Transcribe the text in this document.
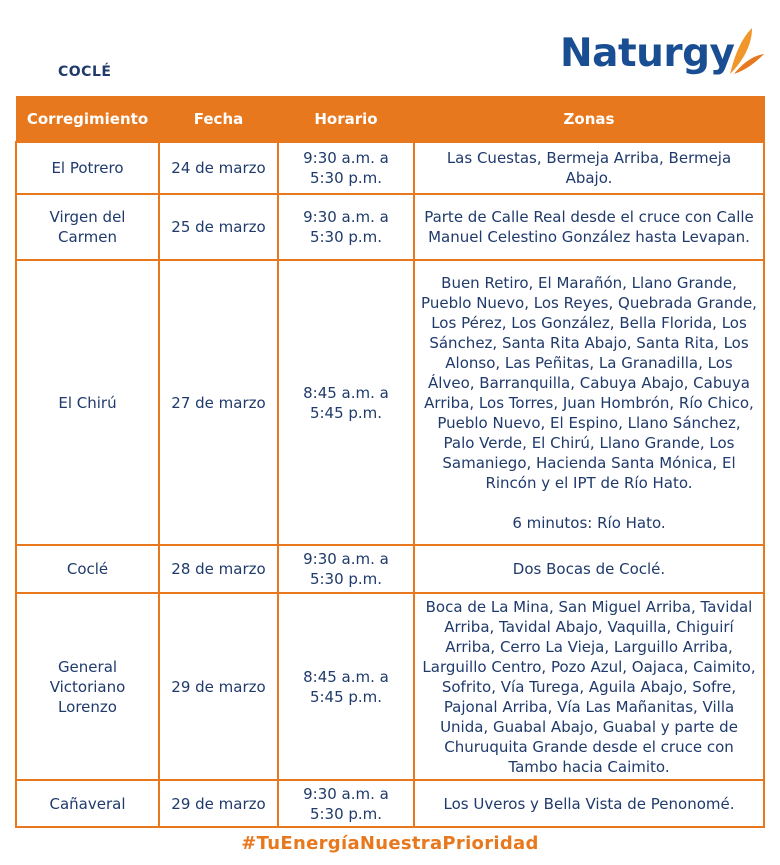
COCLÉ	Naturgy
Corregimiento	Fecha	Horario	Zonas
El Potrero	24 de marzo	9:30 a.m. a 5:30 p.m.	Las Cuestas, Bermeja Arriba, Bermeja Abajo.
Virgen del Carmen	25 de marzo	9:30 a.m. a 5:30 p.m.	Parte de Calle Real desde el cruce con Calle Manuel Celestino González hasta Levapan.
El Chirú	27 de marzo	8:45 a.m. a 5:45 p.m.	Buen Retiro, El Marañón, Llano Grande, Pueblo Nuevo, Los Reyes, Quebrada Grande, Los Pérez, Los González, Bella Florida, Los Sánchez, Santa Rita Abajo, Santa Rita, Los Alonso, Las Peñitas, La Granadilla, Los Álveo, Barranquilla, Cabuya Abajo, Cabuya Arriba, Los Torres, Juan Hombrón, Río Chico, Pueblo Nuevo, El Espino, Llano Sánchez, Palo Verde, El Chirú, Llano Grande, Los Samaniego, Hacienda Santa Mónica, El Rincón y el IPT de Río Hato.
6 minutos: Río Hato.

Coclé	28 de marzo	9:30 a.m. a 5:30 p.m.	Dos Bocas de Coclé.
General Victoriano Lorenzo	29 de marzo	8:45 a.m. a 5:45 p.m.	Boca de La Mina, San Miguel Arriba, Tavidal Arriba, Tavidal Abajo, Vaquilla, Chiguirí Arriba, Cerro La Vieja, Larguillo Arriba, Larguillo Centro, Pozo Azul, Oajaca, Caimito, Sofrito, Vía Turega, Aguila Abajo, Sofre, Pajonal Arriba, Vía Las Mañanitas, Villa Unida, Guabal Abajo, Guabal y parte de Churuquita Grande desde el cruce con Tambo hacia Caimito.
Cañaveral	29 de marzo	9:30 a.m. a 5:30 p.m.	Los Uveros y Bella Vista de Penonomé.
#TuEnergíaNuestraPrioridad
